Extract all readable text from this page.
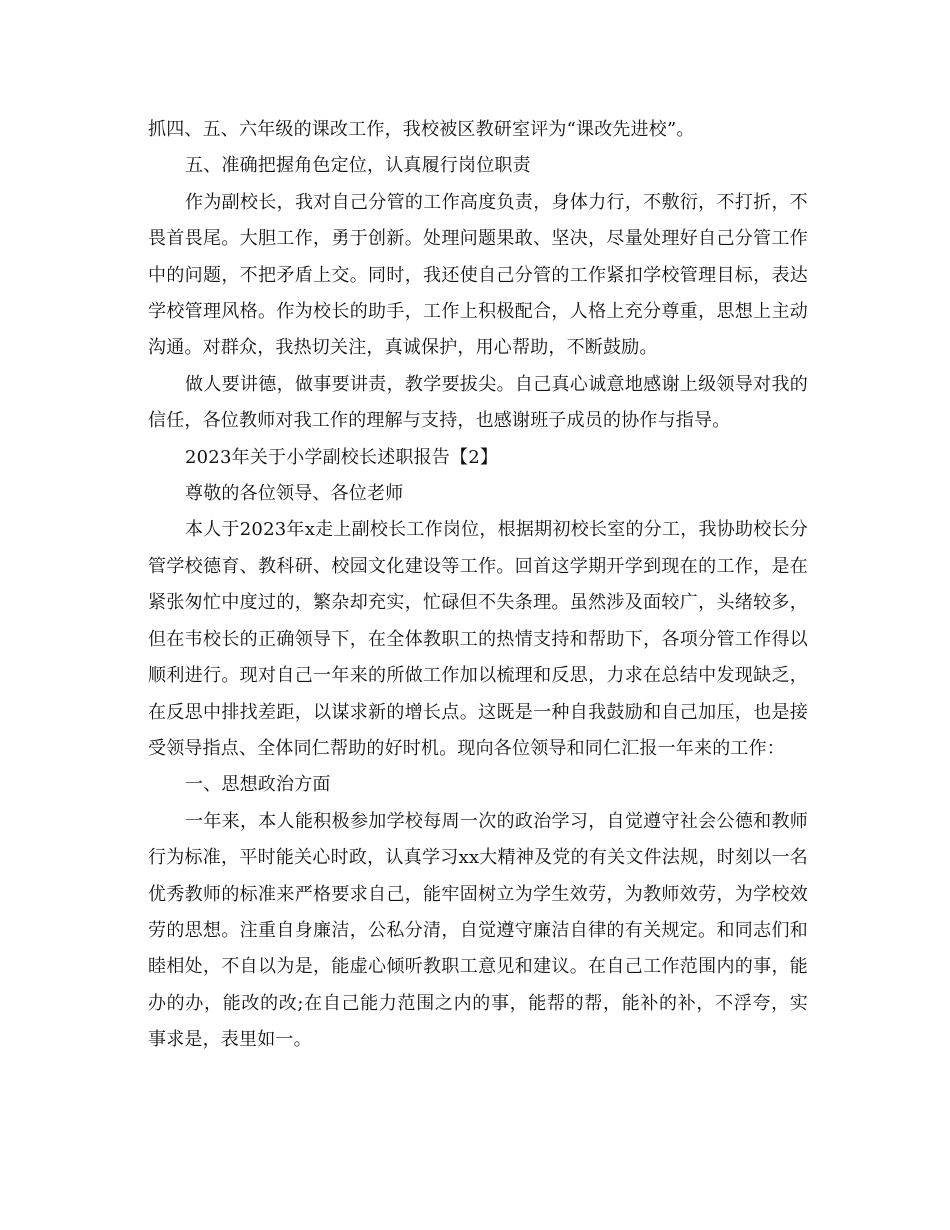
抓四、五、六年级的课改工作，我校被区教研室评为“课改先进校”。

五、准确把握角色定位，认真履行岗位职责

作为副校长，我对自己分管的工作高度负责，身体力行，不敷衍，不打折，不畏首畏尾。大胆工作，勇于创新。处理问题果敢、坚决，尽量处理好自己分管工作中的问题，不把矛盾上交。同时，我还使自己分管的工作紧扣学校管理目标，表达学校管理风格。作为校长的助手，工作上积极配合，人格上充分尊重，思想上主动沟通。对群众，我热切关注，真诚保护，用心帮助，不断鼓励。

做人要讲德，做事要讲责，教学要拔尖。自己真心诚意地感谢上级领导对我的信任，各位教师对我工作的理解与支持，也感谢班子成员的协作与指导。

2023年关于小学副校长述职报告【2】

尊敬的各位领导、各位老师

本人于2023年x走上副校长工作岗位，根据期初校长室的分工，我协助校长分管学校德育、教科研、校园文化建设等工作。回首这学期开学到现在的工作，是在紧张匆忙中度过的，繁杂却充实，忙碌但不失条理。虽然涉及面较广，头绪较多，但在韦校长的正确领导下，在全体教职工的热情支持和帮助下，各项分管工作得以顺利进行。现对自己一年来的所做工作加以梳理和反思，力求在总结中发现缺乏，在反思中排找差距，以谋求新的增长点。这既是一种自我鼓励和自己加压，也是接受领导指点、全体同仁帮助的好时机。现向各位领导和同仁汇报一年来的工作：

一、思想政治方面

一年来，本人能积极参加学校每周一次的政治学习，自觉遵守社会公德和教师行为标准，平时能关心时政，认真学习xx大精神及党的有关文件法规，时刻以一名优秀教师的标准来严格要求自己，能牢固树立为学生效劳，为教师效劳，为学校效劳的思想。注重自身廉洁，公私分清，自觉遵守廉洁自律的有关规定。和同志们和睦相处，不自以为是，能虚心倾听教职工意见和建议。在自己工作范围内的事，能办的办，能改的改;在自己能力范围之内的事，能帮的帮，能补的补，不浮夸，实事求是，表里如一。
